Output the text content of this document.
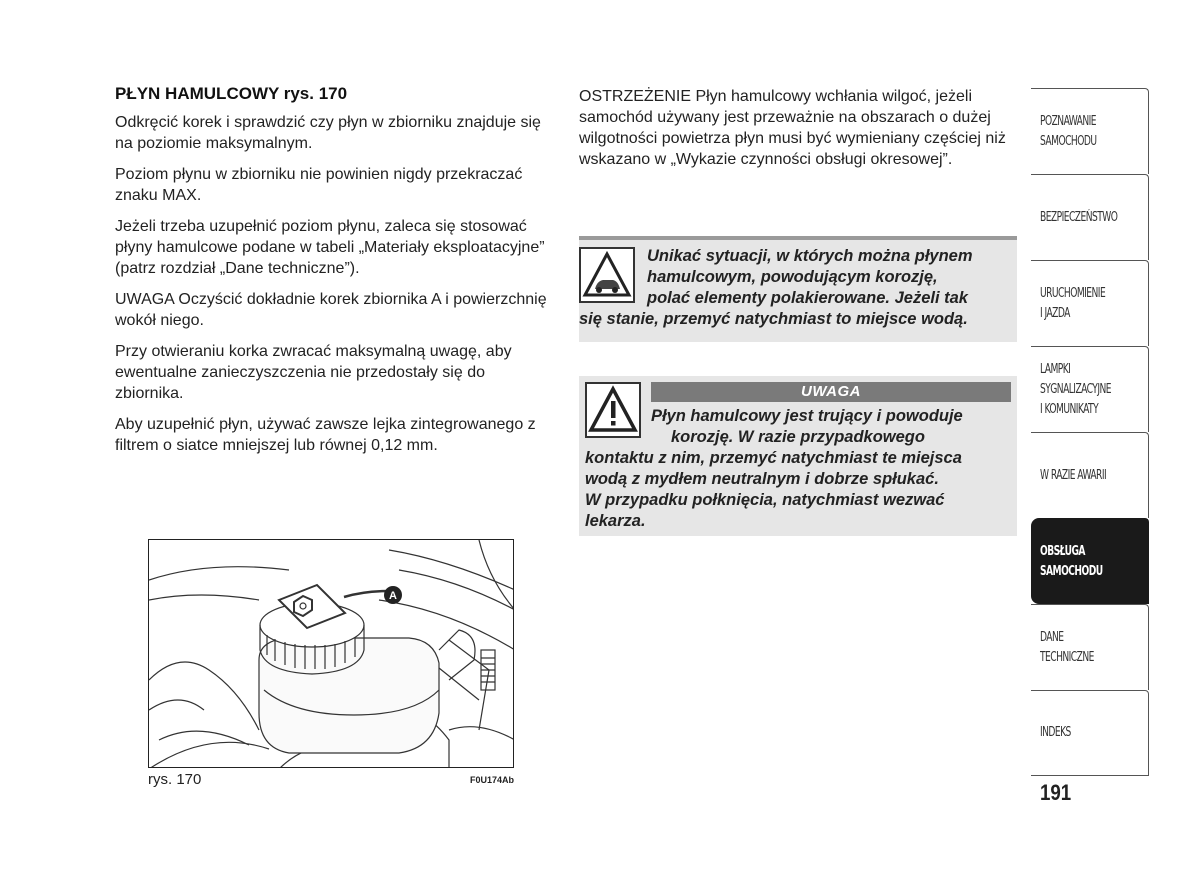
PŁYN HAMULCOWY rys. 170

Odkręcić korek i sprawdzić czy płyn w zbiorniku znajduje się na poziomie maksymalnym.

Poziom płynu w zbiorniku nie powinien nigdy przekraczać znaku MAX.

Jeżeli trzeba uzupełnić poziom płynu, zaleca się stosować płyny hamulcowe podane w tabeli „Materiały eksploatacyjne” (patrz rozdział „Dane techniczne”).

UWAGA Oczyścić dokładnie korek zbiornika A i powierzchnię wokół niego.

Przy otwieraniu korka zwracać maksymalną uwagę, aby ewentualne zanieczyszczenia nie przedostały się do zbiornika.

Aby uzupełnić płyn, używać zawsze lejka zintegrowanego z filtrem o siatce mniejszej lub równej 0,12 mm.

OSTRZEŻENIE Płyn hamulcowy wchłania wilgoć, jeżeli samochód używany jest przeważnie na obszarach o dużej wilgotności powietrza płyn musi być wymieniany częściej niż wskazano w „Wykazie czynności obsługi okresowej”.

Unikać sytuacji, w których można płynem
hamulcowym, powodującym korozję,
polać elementy polakierowane. Jeżeli tak
się stanie, przemyć natychmiast to miejsce wodą.
UWAGA
Płyn hamulcowy jest trujący i powoduje
korozję. W razie przypadkowego
kontaktu z nim, przemyć natychmiast te miejsca
wodą z mydłem neutralnym i dobrze spłukać.
W przypadku połknięcia, natychmiast wezwać
lekarza.
A
rys. 170	F0U174Ab
POZNAWANIE
SAMOCHODU
BEZPIECZEŃSTWO
URUCHOMIENIE
I JAZDA
LAMPKI
SYGNALIZACYJNE
I KOMUNIKATY
W RAZIE AWARII
OBSŁUGA
SAMOCHODU
DANE
TECHNICZNE
INDEKS
191
